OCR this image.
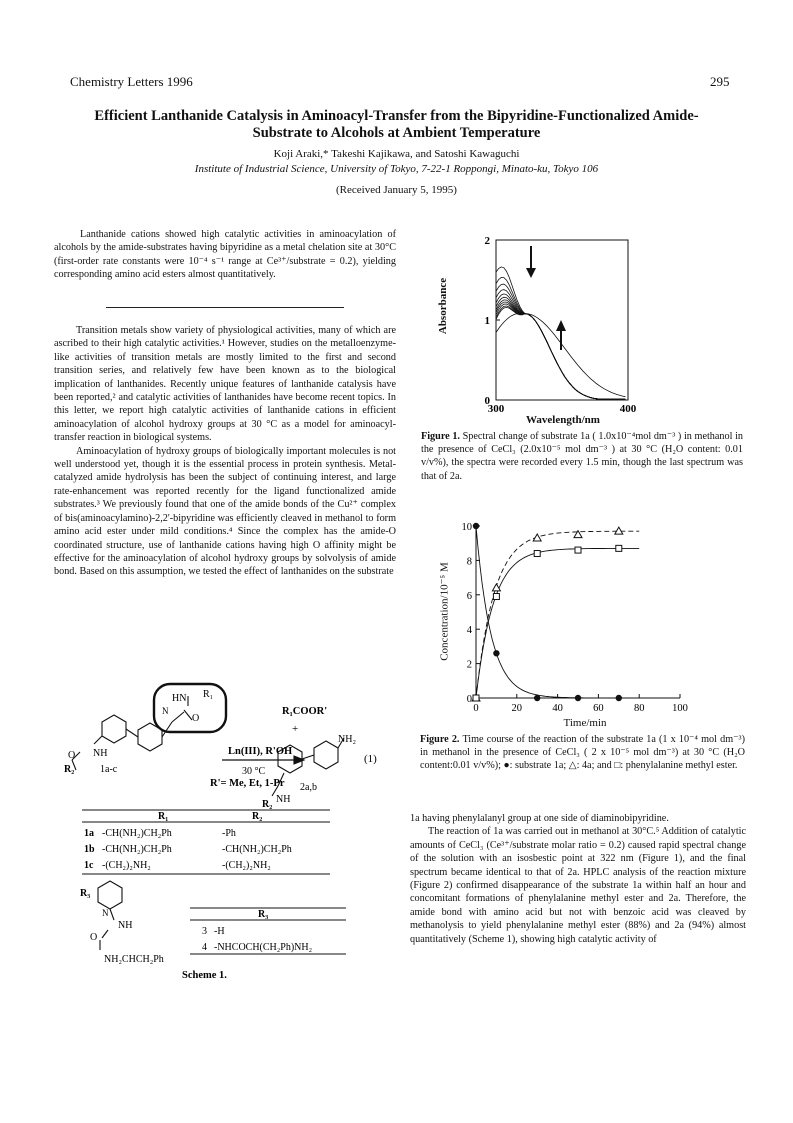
Chemistry Letters 1996	295
Efficient Lanthanide Catalysis in Aminoacyl-Transfer from the Bipyridine-Functionalized Amide-Substrate to Alcohols at Ambient Temperature
Koji Araki,* Takeshi Kajikawa, and Satoshi Kawaguchi
Institute of Industrial Science, University of Tokyo, 7-22-1 Roppongi, Minato-ku, Tokyo 106
(Received January 5, 1995)

Lanthanide cations showed high catalytic activities in aminoacylation of alcohols by the amide-substrates having bipyridine as a metal chelation site at 30°C (first-order rate constants were 10⁻⁴ s⁻¹ range at Ce³⁺/substrate = 0.2), yielding corresponding amino acid esters almost quantitatively.

Transition metals show variety of physiological activities, many of which are ascribed to their high catalytic activities.¹ However, studies on the metalloenzyme-like activities of transition metals are mostly limited to the first and second transition series, and relatively few have been known as to the biological implication of lanthanides. Recently unique features of lanthanide catalysis have been reported,² and catalytic activities of lanthanides have become recent topics. In this letter, we report high catalytic activities of lanthanide cations in efficient aminoacylation of alcohol hydroxy groups at 30 °C as a model for aminoacyl-transfer reaction in biological systems.

Aminoacylation of hydroxy groups of biologically important molecules is not well understood yet, though it is the essential process in protein synthesis. Metal-catalyzed amide hydrolysis has been the subject of continuing interest, and large rate-enhancement was reported recently for the ligand functionalized amide substrates.³ We previously found that one of the amide bonds of the Cu²⁺ complex of bis(aminoacylamino)-2,2'-bipyridine was efficiently cleaved in methanol to form amino acid ester under mild conditions.⁴ Since the complex has the amide-O coordinated structure, use of lanthanide cations having high O affinity might be effective for the aminoacylation of alcohol hydroxy groups by solvolysis of amide bond. Based on this assumption, we tested the effect of lanthanides on the substrate

300	400
0
1
2
Absorbance
Wavelength/nm
Figure 1. Spectral change of substrate 1a ( 1.0x10⁻⁴mol dm⁻³ ) in methanol in the presence of CeCl₃ (2.0x10⁻⁵ mol dm⁻³ ) at 30 °C (H₂O content: 0.01 v/v%), the spectra were recorded every 1.5 min, though the last spectrum was that of 2a.
0	20	40	60	80	100
0
2
4
6
8
10
Concentration/10⁻⁵ M
Time/min
Figure 2. Time course of the reaction of the substrate 1a (1 x 10⁻⁴ mol dm⁻³) in methanol in the presence of CeCl₃ ( 2 x 10⁻⁵ mol dm⁻³) at 30 °C (H₂O content:0.01 v/v%); ●: substrate 1a; △: 4a; and □: phenylalanine methyl ester.

1a having phenylalanyl group at one side of diaminobipyridine.

The reaction of 1a was carried out in methanol at 30°C.⁵ Addition of catalytic amounts of CeCl₃ (Ce³⁺/substrate molar ratio = 0.2) caused rapid spectral change of the solution with an isosbestic point at 322 nm (Figure 1), and the final spectrum became identical to that of 2a. HPLC analysis of the reaction mixture (Figure 2) confirmed disappearance of the substrate 1a within half an hour and concomitant formations of phenylalanine methyl ester and 2a. Therefore, the amide bond with amino acid but not with benzoic acid was cleaved by methanolysis to yield phenylalanine methyl ester (88%) and 2a (94%) almost quantitatively (Scheme 1), showing high catalytic activity of

O NH
HN R₁
O
N
R₂	1a-c
Ln(III), R'OH
30 °C
R'= Me, Et, 1-Pr
R₁COOR'
+
NH₂
(1)
NH
2a,b
R₂
R₁	R₂
1a -CH(NH₂)CH₂Ph	-Ph
1b -CH(NH₂)CH₂Ph	-CH(NH₂)CH₂Ph
1c -(CH₂)₂NH₂	-(CH₂)₂NH₂
R₃
N
NH
O
NH₂CHCH₂Ph
R₃
3 -H
4 -NHCOCH(CH₂Ph)NH₂
Scheme 1.
